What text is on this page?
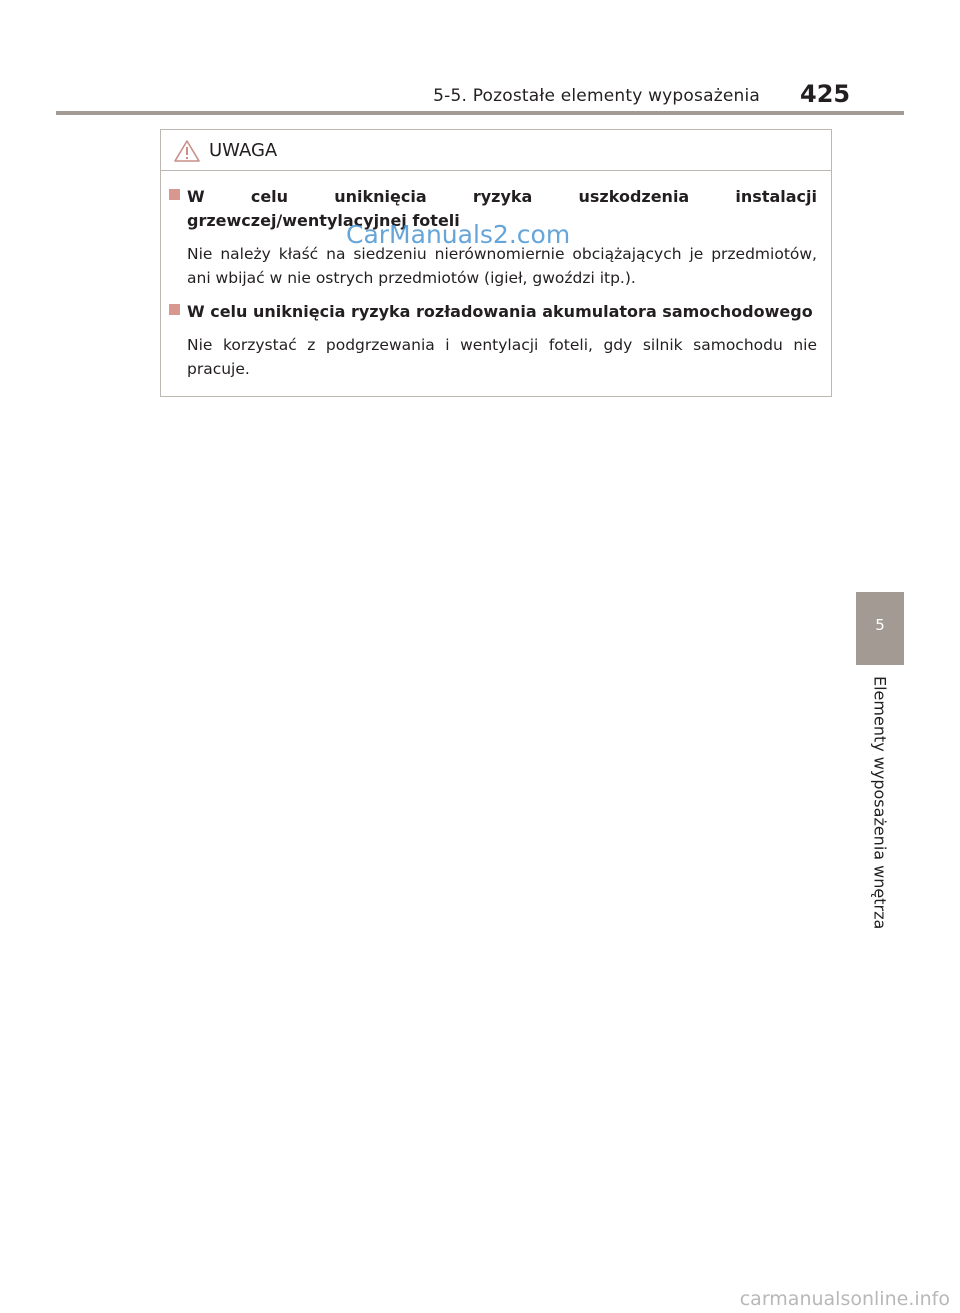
5-5. Pozostałe elementy wyposażenia 425
UWAGA

W celu uniknięcia ryzyka uszkodzenia instalacji grzewczej/wentylacyjnej foteli

Nie należy kłaść na siedzeniu nierównomiernie obciążających je przedmiotów, ani wbijać w nie ostrych przedmiotów (igieł, gwoździ itp.).

W celu uniknięcia ryzyka rozładowania akumulatora samochodowego

Nie korzystać z podgrzewania i wentylacji foteli, gdy silnik samochodu nie pracuje.

CarManuals2.com
5
Elementy wyposażenia wnętrza
carmanualsonline.info
